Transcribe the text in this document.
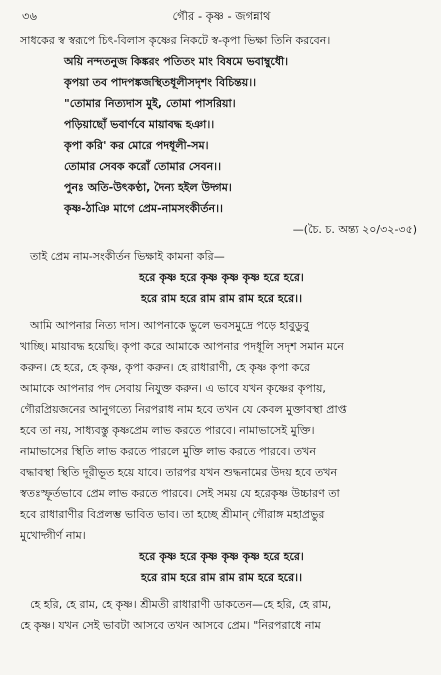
৩৬	গৌর - কৃষ্ণ - জগন্নাথ
সাধকের স্ব স্বরূপে চিৎ-বিলাস কৃষ্ণের নিকটে স্ব-কৃপা ভিক্ষা তিনি করবেন।
অয়ি নন্দতনুজ কিঙ্করং পতিতং মাং বিষমে ভবাম্বুধৌ।
কৃপয়া তব পাদপঙ্কজস্থিতধূলীসদৃশং বিচিন্তয়।।
"তোমার নিত্যদাস মুই, তোমা পাসরিয়া।
পড়িয়াছোঁ ভবার্ণবে মায়াবদ্ধ হঞা।।
কৃপা করি' কর মোরে পদধূলী-সম।
তোমার সেবক করোঁ তোমার সেবন।।
পুনঃ অতি-উৎকণ্ঠা, দৈন্য হইল উদ্গম।
কৃষ্ণ-ঠাঞি মাগে প্রেম-নামসংকীর্তন।।
—(চৈ. চ. অন্ত্য ২০/৩২-৩৫)
তাই প্রেম নাম-সংকীর্তন ভিক্ষাই কামনা করি—
হরে কৃষ্ণ হরে কৃষ্ণ কৃষ্ণ কৃষ্ণ হরে হরে।
হরে রাম হরে রাম রাম রাম হরে হরে।।
আমি আপনার নিত্য দাস। আপনাকে ভুলে ভবসমুদ্রে পড়ে হাবুডুবু
খাচ্ছি। মায়াবদ্ধ হয়েছি। কৃপা করে আমাকে আপনার পদধূলি সদৃশ সমান মনে
করুন। হে হরে, হে কৃষ্ণ, কৃপা করুন। হে রাধারাণী, হে কৃষ্ণ কৃপা করে
আমাকে আপনার পদ সেবায় নিযুক্ত করুন। এ ভাবে যখন কৃষ্ণের কৃপায়,
গৌরপ্রিয়জনের আনুগত্যে নিরপরাধ নাম হবে তখন যে কেবল মুক্তাবস্থা প্রাপ্ত
হবে তা নয়, সাধ্যবস্তু কৃষ্ণপ্রেম লাভ করতে পারবে। নামাভাসেই মুক্তি।
নামাভাসের স্থিতি লাভ করতে পারলে মুক্তি লাভ করতে পারবে। তখন
বদ্ধাবস্থা স্থিতি দূরীভূত হয়ে যাবে। তারপর যখন শুদ্ধনামের উদয় হবে তখন
স্বতঃস্ফূর্তভাবে প্রেম লাভ করতে পারবে। সেই সময় যে হরেকৃষ্ণ উচ্চারণ তা
হবে রাধারাণীর বিপ্রলম্ভ ভাবিত ভাব। তা হচ্ছে শ্রীমান্ গৌরাঙ্গ মহাপ্রভুর
মুখোদ্গীর্ণ নাম।
হরে কৃষ্ণ হরে কৃষ্ণ কৃষ্ণ কৃষ্ণ হরে হরে।
হরে রাম হরে রাম রাম রাম হরে হরে।।
হে হরি, হে রাম, হে কৃষ্ণ। শ্রীমতী রাধারাণী ডাকতেন—হে হরি, হে রাম,
হে কৃষ্ণ। যখন সেই ভাবটা আসবে তখন আসবে প্রেম। "নিরপরাধে নাম
